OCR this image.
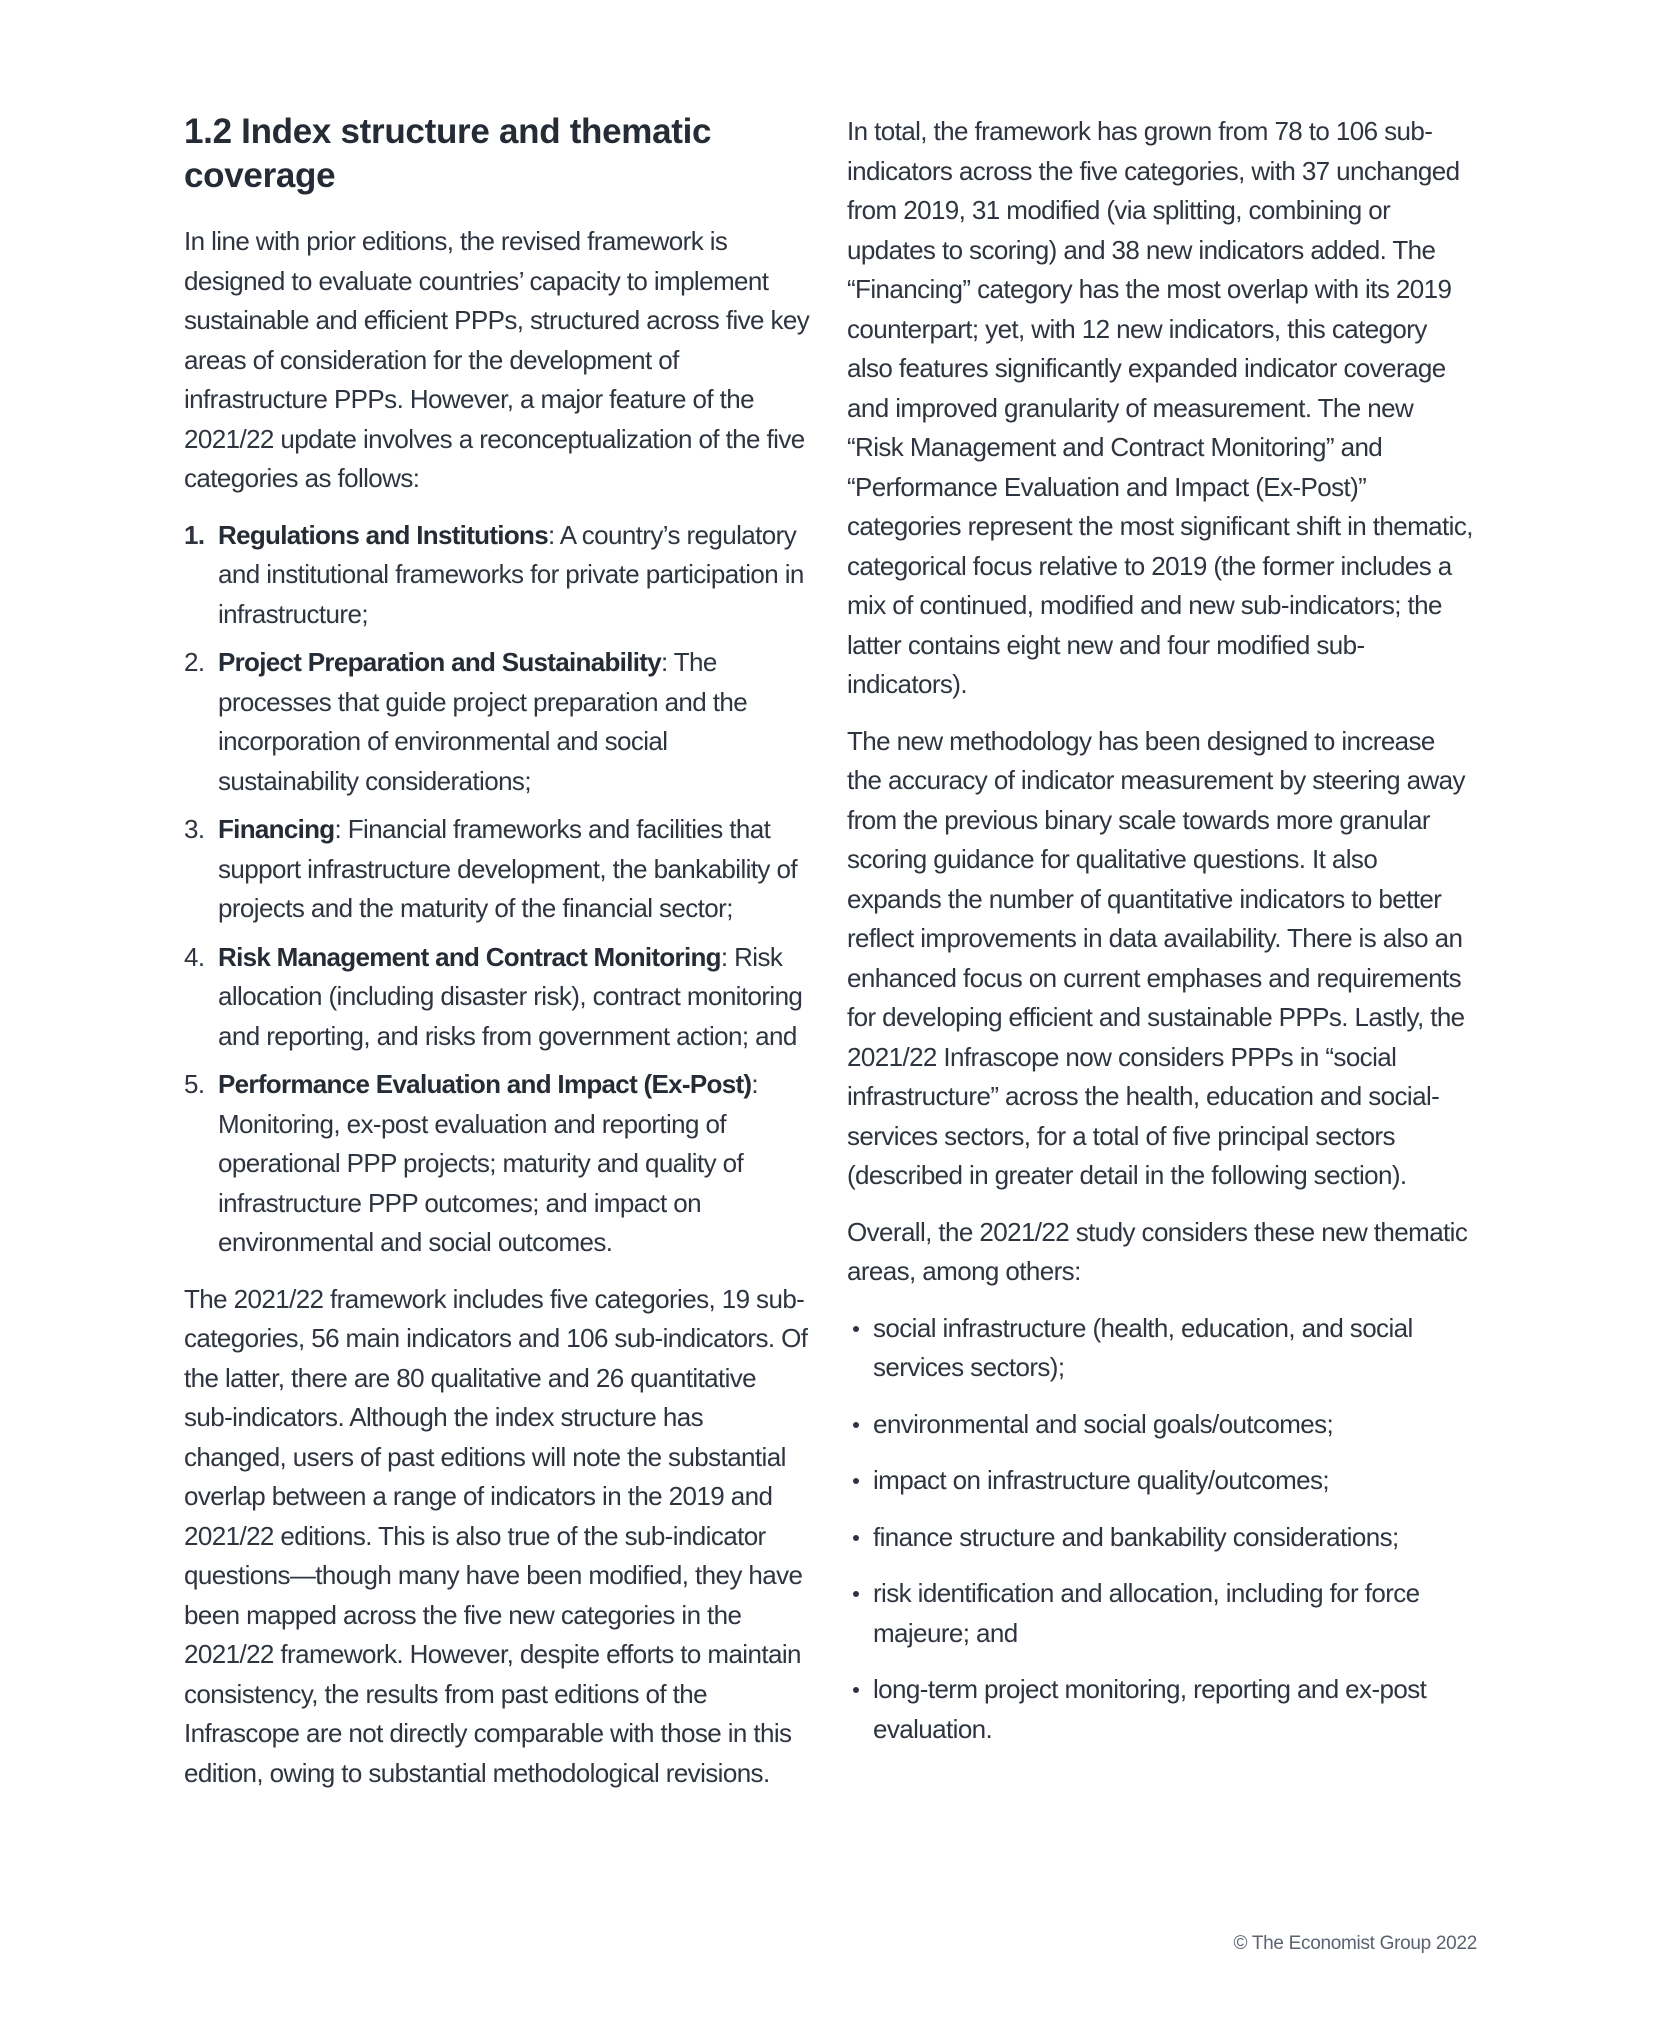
1.2 Index structure and thematic coverage

In line with prior editions, the revised framework is designed to evaluate countries’ capacity to implement sustainable and efficient PPPs, structured across five key areas of consideration for the development of infrastructure PPPs. However, a major feature of the 2021/22 update involves a reconceptualization of the five categories as follows:

1. Regulations and Institutions: A country’s regulatory and institutional frameworks for private participation in infrastructure;
2. Project Preparation and Sustainability: The processes that guide project preparation and the incorporation of environmental and social sustainability considerations;
3. Financing: Financial frameworks and facilities that support infrastructure development, the bankability of projects and the maturity of the financial sector;
4. Risk Management and Contract Monitoring: Risk allocation (including disaster risk), contract monitoring and reporting, and risks from government action; and
5. Performance Evaluation and Impact (Ex-Post): Monitoring, ex-post evaluation and reporting of operational PPP projects; maturity and quality of infrastructure PPP outcomes; and impact on environmental and social outcomes.

The 2021/22 framework includes five categories, 19 sub-categories, 56 main indicators and 106 sub-indicators. Of the latter, there are 80 qualitative and 26 quantitative sub-indicators. Although the index structure has changed, users of past editions will note the substantial overlap between a range of indicators in the 2019 and 2021/22 editions. This is also true of the sub-indicator questions—though many have been modified, they have been mapped across the five new categories in the 2021/22 framework. However, despite efforts to maintain consistency, the results from past editions of the Infrascope are not directly comparable with those in this edition, owing to substantial methodological revisions.

In total, the framework has grown from 78 to 106 sub-indicators across the five categories, with 37 unchanged from 2019, 31 modified (via splitting, combining or updates to scoring) and 38 new indicators added. The “Financing” category has the most overlap with its 2019 counterpart; yet, with 12 new indicators, this category also features significantly expanded indicator coverage and improved granularity of measurement. The new “Risk Management and Contract Monitoring” and “Performance Evaluation and Impact (Ex-Post)” categories represent the most significant shift in thematic, categorical focus relative to 2019 (the former includes a mix of continued, modified and new sub-indicators; the latter contains eight new and four modified sub-indicators).

The new methodology has been designed to increase the accuracy of indicator measurement by steering away from the previous binary scale towards more granular scoring guidance for qualitative questions. It also expands the number of quantitative indicators to better reflect improvements in data availability. There is also an enhanced focus on current emphases and requirements for developing efficient and sustainable PPPs. Lastly, the 2021/22 Infrascope now considers PPPs in “social infrastructure” across the health, education and social-services sectors, for a total of five principal sectors (described in greater detail in the following section).

Overall, the 2021/22 study considers these new thematic areas, among others:

social infrastructure (health, education, and social services sectors);
environmental and social goals/outcomes;
impact on infrastructure quality/outcomes;
finance structure and bankability considerations;
risk identification and allocation, including for force majeure; and
long-term project monitoring, reporting and ex-post evaluation.
© The Economist Group 2022
